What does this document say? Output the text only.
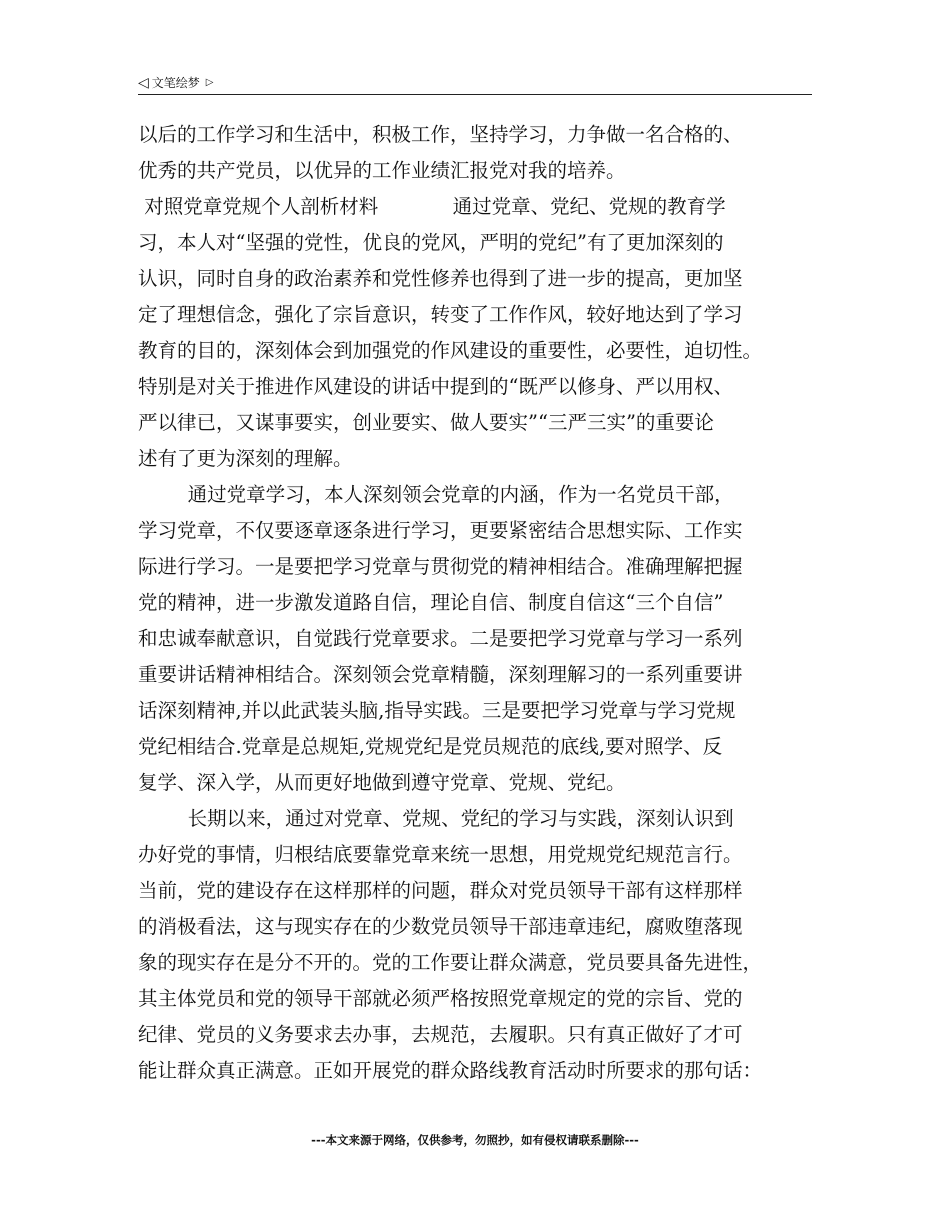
◁ 文笔绘梦 ▷
以后的工作学习和生活中，积极工作，坚持学习，力争做一名合格的、
优秀的共产党员，以优异的工作业绩汇报党对我的培养。
对照党章党规个人剖析材料            通过党章、党纪、党规的教育学
习，本人对“坚强的党性，优良的党风，严明的党纪”有了更加深刻的
认识，同时自身的政治素养和党性修养也得到了进一步的提高，更加坚
定了理想信念，强化了宗旨意识，转变了工作作风，较好地达到了学习
教育的目的，深刻体会到加强党的作风建设的重要性，必要性，迫切性。
特别是对关于推进作风建设的讲话中提到的“既严以修身、严以用权、
严以律已，又谋事要实，创业要实、做人要实”“三严三实”的重要论
述有了更为深刻的理解。
通过党章学习，本人深刻领会党章的内涵，作为一名党员干部，
学习党章，不仅要逐章逐条进行学习，更要紧密结合思想实际、工作实
际进行学习。一是要把学习党章与贯彻党的精神相结合。准确理解把握
党的精神，进一步激发道路自信，理论自信、制度自信这“三个自信”
和忠诚奉献意识，自觉践行党章要求。二是要把学习党章与学习一系列
重要讲话精神相结合。深刻领会党章精髓，深刻理解习的一系列重要讲
话深刻精神,并以此武装头脑,指导实践。三是要把学习党章与学习党规
党纪相结合.党章是总规矩,党规党纪是党员规范的底线,要对照学、反
复学、深入学，从而更好地做到遵守党章、党规、党纪。
长期以来，通过对党章、党规、党纪的学习与实践，深刻认识到
办好党的事情，归根结底要靠党章来统一思想，用党规党纪规范言行。
当前，党的建设存在这样那样的问题，群众对党员领导干部有这样那样
的消极看法，这与现实存在的少数党员领导干部违章违纪，腐败堕落现
象的现实存在是分不开的。党的工作要让群众满意，党员要具备先进性，
其主体党员和党的领导干部就必须严格按照党章规定的党的宗旨、党的
纪律、党员的义务要求去办事，去规范，去履职。只有真正做好了才可
能让群众真正满意。正如开展党的群众路线教育活动时所要求的那句话：
---本文来源于网络，仅供参考，勿照抄，如有侵权请联系删除---
